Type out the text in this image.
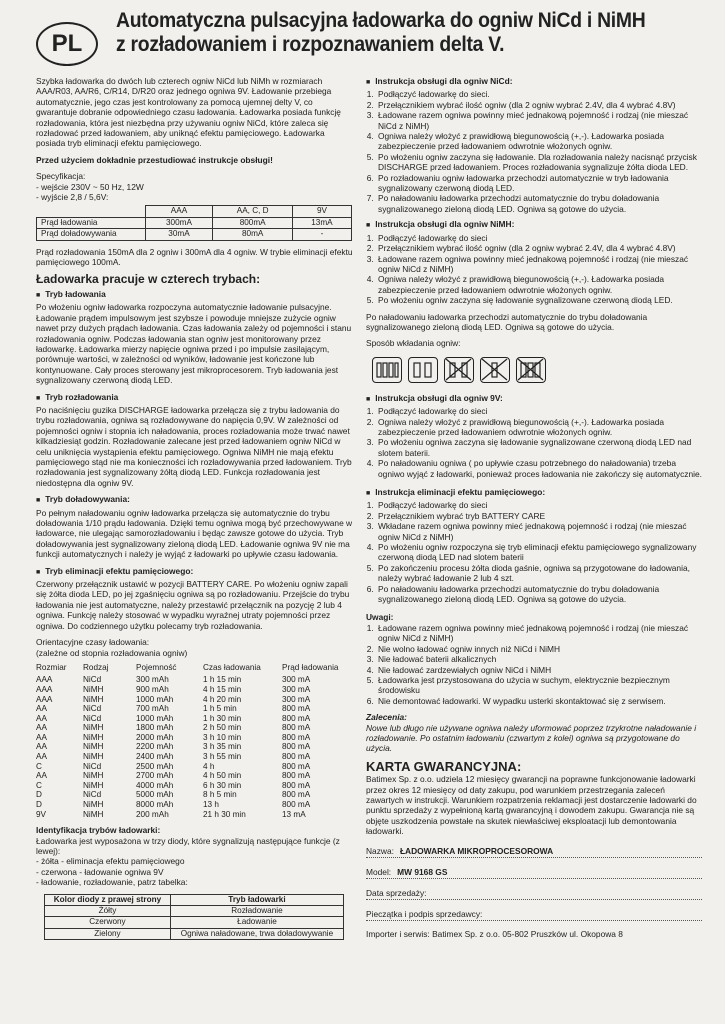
PL
Automatyczna pulsacyjna ładowarka do ogniw NiCd i NiMH
z rozładowaniem i rozpoznawaniem delta V.

Szybka ładowarka do dwóch lub czterech ogniw NiCd lub NiMh w rozmiarach AAA/R03, AA/R6, C/R14, D/R20 oraz jednego ogniwa 9V. Ładowanie przebiega automatycznie, jego czas jest kontrolowany za pomocą ujemnej delty V, co gwarantuje dobranie odpowiedniego czasu ładowania. Ładowarka posiada funkcję rozładowania, która jest niezbędna przy używaniu ogniw NiCd, które zaleca się rozładować przed ładowaniem, aby uniknąć efektu pamięciowego. Ładowarka posiada tryb eliminacji efektu pamięciowego.

Przed użyciem dokładnie przestudiować instrukcje obsługi!

Specyfikacja:
- wejście 230V ~ 50 Hz, 12W
- wyjście 2,8 / 5,6V:
	AAA	AA, C, D	9V
Prąd ładowania	300mA	800mA	13mA
Prąd doładowywania	30mA	80mA	-

Prąd rozładowania 150mA dla 2 ogniw i 300mA dla 4 ogniw. W trybie eliminacji efektu pamięciowego 100mA.

Ładowarka pracuje w czterech trybach:
■ Tryb ładowania

Po włożeniu ogniw ładowarka rozpoczyna automatycznie ładowanie pulsacyjne. Ładowanie prądem impulsowym jest szybsze i powoduje mniejsze zużycie ogniw nawet przy dużych prądach ładowania. Czas ładowania zależy od pojemności i stanu rozładowania ogniw. Podczas ładowania stan ogniw jest monitorowany przez ładowarkę. Ładowarka mierzy napięcie ogniwa przed i po impulsie zasilającym, porównuje wartości, w zależności od wyników, ładowanie jest kończone lub kontynuowane. Cały proces sterowany jest mikroprocesorem. Tryb ładowania jest sygnalizowany czerwoną diodą LED.

■ Tryb rozładowania

Po naciśnięciu guzika DISCHARGE ładowarka przełącza się z trybu ładowania do trybu rozładowania, ogniwa są rozładowywane do napięcia 0,9V. W zależności od pojemności ogniw i stopnia ich naładowania, proces rozładowania może trwać nawet kilkadziesiąt godzin. Rozładowanie zalecane jest przed ładowaniem ogniw NiCd w celu uniknięcia wystąpienia efektu pamięciowego. Ogniwa NiMH nie mają efektu pamięciowego stąd nie ma konieczności ich rozładowywania przed ładowaniem. Tryb rozładowania jest sygnalizowany żółtą diodą LED. Funkcja rozładowania jest niedostępna dla ogniw 9V.

■ Tryb doładowywania:

Po pełnym naładowaniu ogniw ładowarka przełącza się automatycznie do trybu doładowania 1/10 prądu ładowania. Dzięki temu ogniwa mogą być przechowywane w ładowarce, nie ulegając samorozładowaniu i będąc zawsze gotowe do użycia. Tryb doładowywania jest sygnalizowany zieloną diodą LED. Ładowanie ogniwa 9V nie ma funkcji automatycznych i należy je wyjąć z ładowarki po upływie czasu ładowania.

■ Tryb eliminacji efektu pamięciowego:

Czerwony przełącznik ustawić w pozycji BATTERY CARE. Po włożeniu ogniw zapali się żółta dioda LED, po jej zgaśnięciu ogniwa są po rozładowaniu. Przejście do trybu ładowania nie jest automatyczne, należy przestawić przełącznik na pozycję 2 lub 4 ogniwa. Funkcję należy stosować w wypadku wyraźnej utraty pojemności przez ogniwa. Do codziennego użytku polecamy tryb rozładowania.

Orientacyjne czasy ładowania:
(zależne od stopnia rozładowania ogniw)
Rozmiar	Rodzaj	Pojemność	Czas ładowania	Prąd ładowania
AAA	NiCd	300 mAh	1 h 15 min	300 mA
AAA	NiMH	900 mAh	4 h 15 min	300 mA
AAA	NiMH	1000 mAh	4 h 20 min	300 mA
AA	NiCd	700 mAh	1 h 5 min	800 mA
AA	NiCd	1000 mAh	1 h 30 min	800 mA
AA	NiMH	1800 mAh	2 h 50 min	800 mA
AA	NiMH	2000 mAh	3 h 10 min	800 mA
AA	NiMH	2200 mAh	3 h 35 min	800 mA
AA	NiMH	2400 mAh	3 h 55 min	800 mA
C	NiCd	2500 mAh	4 h	800 mA
AA	NiMH	2700 mAh	4 h 50 min	800 mA
C	NiMH	4000 mAh	6 h 30 min	800 mA
D	NiCd	5000 mAh	8 h 5 min	800 mA
D	NiMH	8000 mAh	13 h	800 mA
9V	NiMH	200 mAh	21 h 30 min	13 mA
Identyfikacja trybów ładowarki:
Ładowarka jest wyposażona w trzy diody, które sygnalizują następujące funkcje (z lewej):
- żółta - eliminacja efektu pamięciowego
- czerwona - ładowanie ogniwa 9V
- ładowanie, rozładowanie, patrz tabelka:
Kolor diody z prawej strony	Tryb ładowarki
Żółty	Rozładowanie
Czerwony	Ładowanie
Zielony	Ogniwa naładowane, trwa doładowywanie
■ Instrukcja obsługi dla ogniw NiCd:
1. Podłączyć ładowarkę do sieci.
2. Przełącznikiem wybrać ilość ogniw (dla 2 ogniw wybrać 2.4V, dla 4 wybrać 4.8V)
3. Ładowane razem ogniwa powinny mieć jednakową pojemność i rodzaj (nie mieszać NiCd z NiMH)
4. Ogniwa należy włożyć z prawidłową biegunowością (+,-). Ładowarka posiada zabezpieczenie przed ładowaniem odwrotnie włożonych ogniw.
5. Po włożeniu ogniw zaczyna się ładowanie. Dla rozładowania należy nacisnąć przycisk DISCHARGE przed ładowaniem. Proces rozładowania sygnalizuje żółta dioda LED.
6. Po rozładowaniu ogniw ładowarka przechodzi automatycznie w tryb ładowania sygnalizowany czerwoną diodą LED.
7. Po naładowaniu ładowarka przechodzi automatycznie do trybu doładowania sygnalizowanego zieloną diodą LED. Ogniwa są gotowe do użycia.
■ Instrukcja obsługi dla ogniw NiMH:
1. Podłączyć ładowarkę do sieci
2. Przełącznikiem wybrać ilość ogniw (dla 2 ogniw wybrać 2.4V, dla 4 wybrać 4.8V)
3. Ładowane razem ogniwa powinny mieć jednakową pojemność i rodzaj (nie mieszać ogniw NiCd z NiMH)
4. Ogniwa należy włożyć z prawidłową biegunowością (+,-). Ładowarka posiada zabezpieczenie przed ładowaniem odwrotnie włożonych ogniw.
5. Po włożeniu ogniw zaczyna się ładowanie sygnalizowane czerwoną diodą LED.

Po naładowaniu ładowarka przechodzi automatycznie do trybu doładowania sygnalizowanego zieloną diodą LED. Ogniwa są gotowe do użycia.

Sposób wkładania ogniw:
■ Instrukcja obsługi dla ogniw 9V:
1. Podłączyć ładowarkę do sieci
2. Ogniwa należy włożyć z prawidłową biegunowością (+,-). Ładowarka posiada zabezpieczenie przed ładowaniem odwrotnie włożonych ogniw.
3. Po włożeniu ogniwa zaczyna się ładowanie sygnalizowane czerwoną diodą LED nad slotem baterii.
4. Po naładowaniu ogniwa ( po upływie czasu potrzebnego do naładowania) trzeba ogniwo wyjąć z ładowarki, ponieważ proces ładowania nie zakończy się automatycznie.
■ Instrukcja eliminacji efektu pamięciowego:
1. Podłączyć ładowarkę do sieci
2. Przełącznikiem wybrać tryb BATTERY CARE
3. Wkładane razem ogniwa powinny mieć jednakową pojemność i rodzaj (nie mieszać ogniw NiCd z NiMH)
4. Po włożeniu ogniw rozpoczyna się tryb eliminacji efektu pamięciowego sygnalizowany czerwoną diodą LED nad slotem baterii
5. Po zakończeniu procesu żółta dioda gaśnie, ogniwa są przygotowane do ładowania, należy wybrać ładowanie 2 lub 4 szt.
6. Po naładowaniu ładowarka przechodzi automatycznie do trybu doładowania sygnalizowanego zieloną diodą LED. Ogniwa są gotowe do użycia.
Uwagi:
1. Ładowane razem ogniwa powinny mieć jednakową pojemność i rodzaj (nie mieszać ogniw NiCd z NiMH)
2. Nie wolno ładować ogniw innych niż NiCd i NiMH
3. Nie ładować baterii alkalicznych
4. Nie ładować zardzewiałych ogniw NiCd i NiMH
5. Ładowarka jest przystosowana do użycia w suchym, elektrycznie bezpiecznym środowisku
6. Nie demontować ładowarki. W wypadku usterki skontaktować się z serwisem.
Zalecenia:

Nowe lub długo nie używane ogniwa należy uformować poprzez trzykrotne naładowanie i rozładowanie. Po ostatnim ładowaniu (czwartym z kolei) ogniwa są przygotowane do użycia.

KARTA GWARANCYJNA:

Batimex Sp. z o.o. udziela 12 miesięcy gwarancji na poprawne funkcjonowanie ładowarki przez okres 12 miesięcy od daty zakupu, pod warunkiem przestrzegania zaleceń zawartych w instrukcji. Warunkiem rozpatrzenia reklamacji jest dostarczenie ładowarki do punktu sprzedaży z wypełnioną kartą gwarancyjną i dowodem zakupu. Gwarancja nie są objęte uszkodzenia powstałe na skutek niewłaściwej eksploatacji lub demontowania ładowarki.

Nazwa: ŁADOWARKA MIKROPROCESOROWA
Model: MW 9168 GS
Data sprzedaży:
Pieczątka i podpis sprzedawcy:
Importer i serwis: Batimex Sp. z o.o. 05-802 Pruszków ul. Okopowa 8
